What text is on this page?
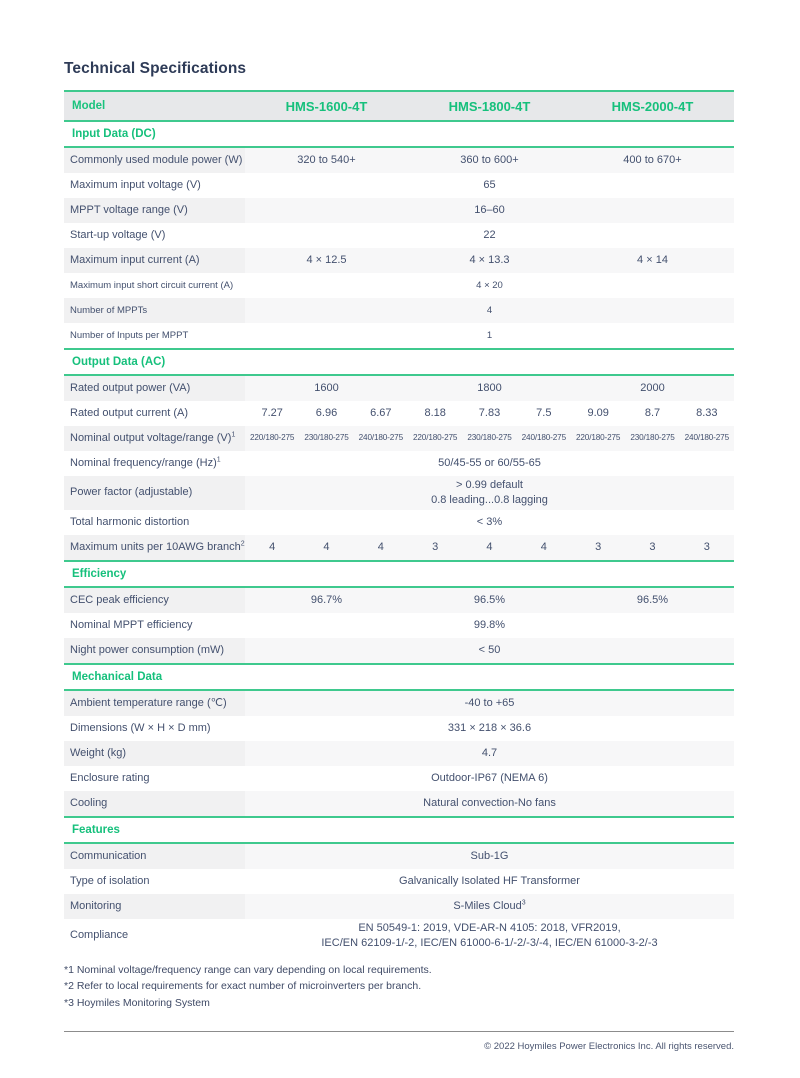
Technical Specifications
Model	HMS-1600-4T	HMS-1800-4T	HMS-2000-4T
Input Data (DC)			
Commonly used module power (W)	320 to 540+	360 to 600+	400 to 670+
Maximum input voltage (V)	65		
MPPT voltage range (V)	16–60		
Start-up voltage (V)	22		
Maximum input current (A)	4 × 12.5	4 × 13.3	4 × 14
Maximum input short circuit current (A)	4 × 20		
Number of MPPTs	4		
Number of Inputs per MPPT	1		
Output Data (AC)			
Rated output power (VA)	1600	1800	2000
Rated output current (A)	7.27 6.96 6.67	8.18 7.83 7.5	9.09 8.7 8.33

Nominal output voltage/range $(V)^1$	220/180-275 230/180-275 240/180-275	220/180-275 230/180-275 240/180-275	220/180-275 230/180-275 240/180-275

Nominal frequency/range $(Hz)^1$	50/45-55 or 60/55-65		
Power factor (adjustable)	> 0.99 default
0.8 leading...0.8 lagging		
Total harmonic distortion	< 3%		
Maximum units per 10AWG branch$^2$	4 4 4	3 4 4	3 3 3

Efficiency			
CEC peak efficiency	96.7%	96.5%	96.5%
Nominal MPPT efficiency	99.8%		
Night power consumption (mW)	< 50		
Mechanical Data			
Ambient temperature range (℃)	-40 to +65		
Dimensions (W × H × D mm)	331 × 218 × 36.6		
Weight (kg)	4.7		
Enclosure rating	Outdoor-IP67 (NEMA 6)		
Cooling	Natural convection-No fans		
Features			
Communication	Sub-1G		
Type of isolation	Galvanically Isolated HF Transformer		
Monitoring	S-Miles Cloud$^3$
Compliance	EN 50549-1: 2019, VDE-AR-N 4105: 2018, VFR2019,
IEC/EN 62109-1/-2, IEC/EN 61000-6-1/-2/-3/-4, IEC/EN 61000-3-2/-3		
*1 Nominal voltage/frequency range can vary depending on local requirements.
*2 Refer to local requirements for exact number of microinverters per branch.
*3 Hoymiles Monitoring System
© 2022 Hoymiles Power Electronics Inc. All rights reserved.
